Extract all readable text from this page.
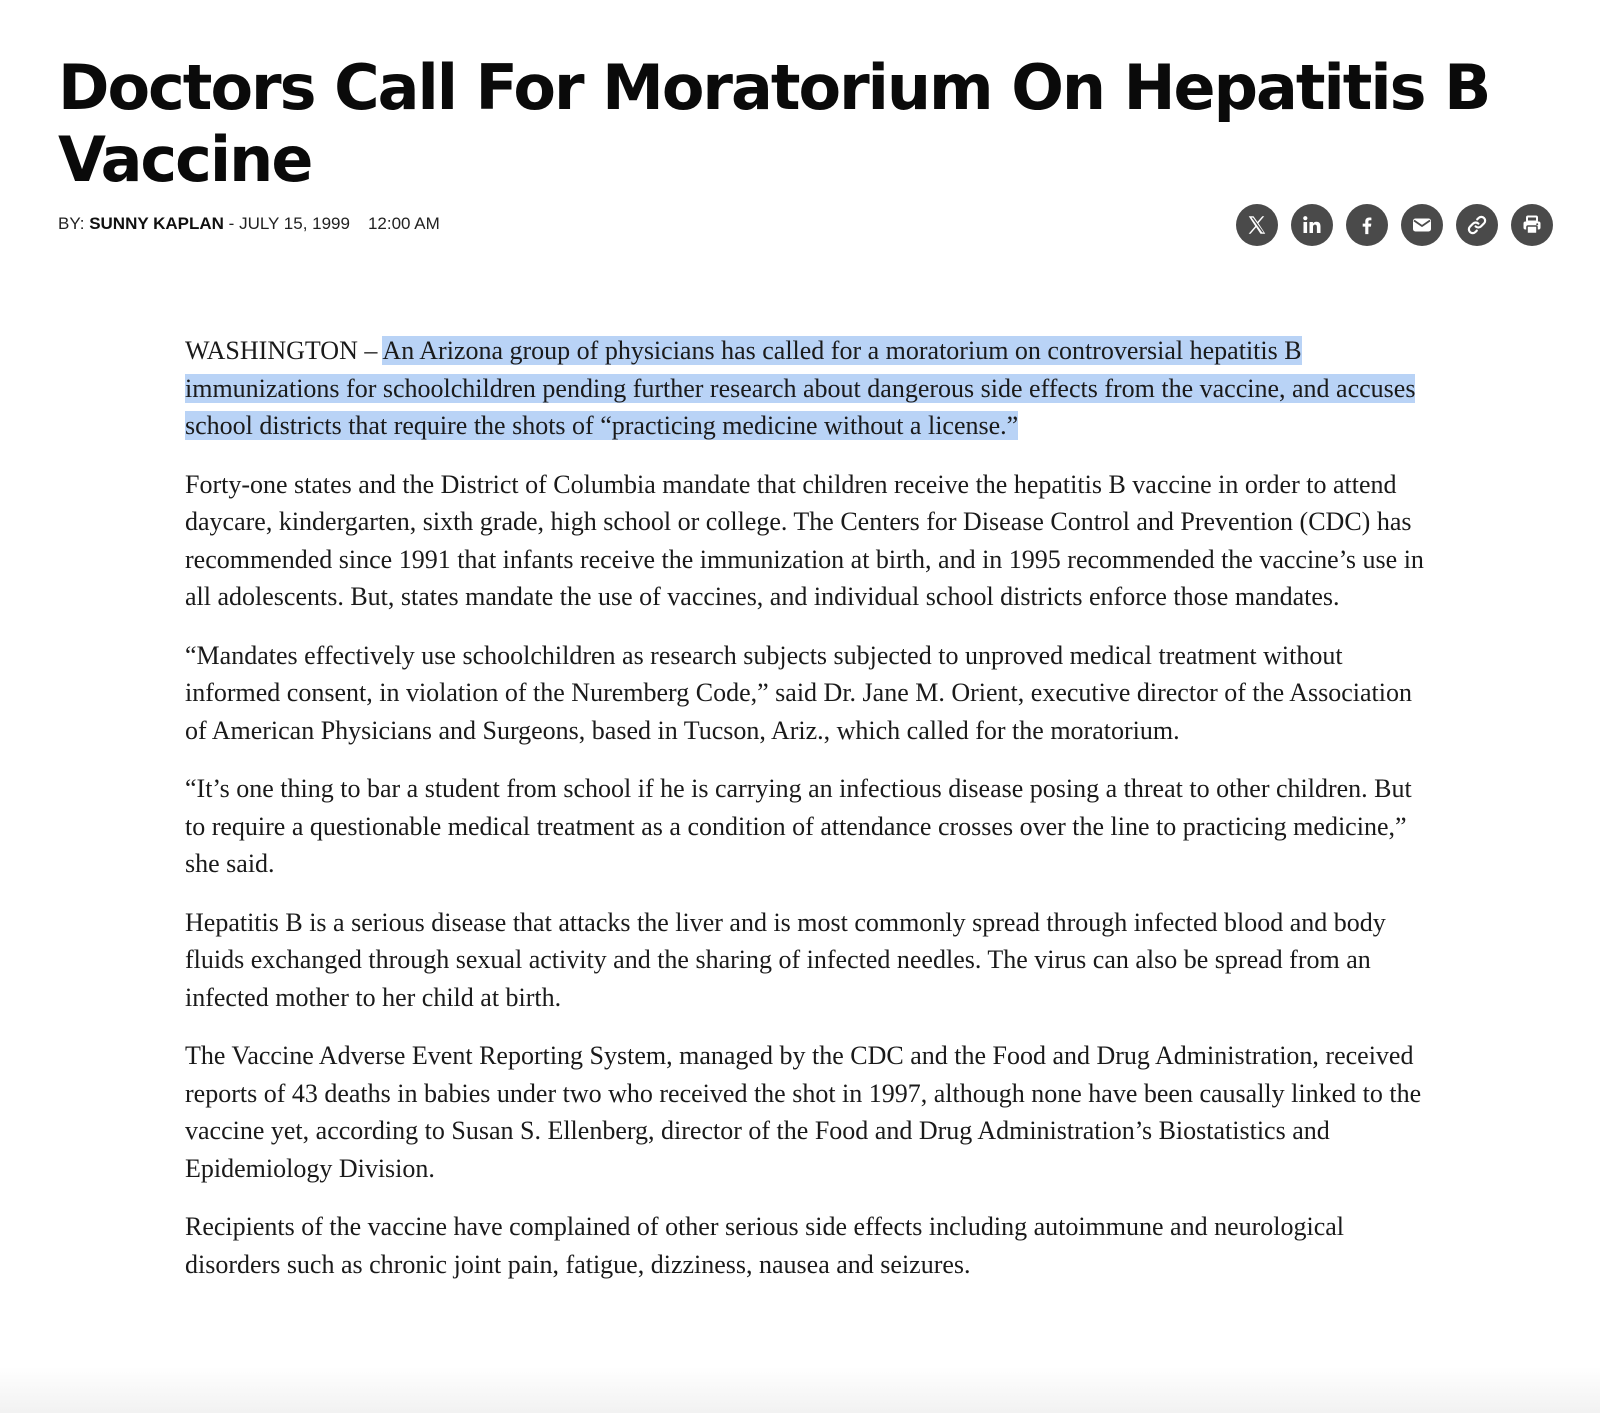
Doctors Call For Moratorium On Hepatitis B Vaccine
BY: SUNNY KAPLAN - JULY 15, 1999 12:00 AM

WASHINGTON – An Arizona group of physicians has called for a moratorium on controversial hepatitis B immunizations for schoolchildren pending further research about dangerous side effects from the vaccine, and accuses school districts that require the shots of “practicing medicine without a license.”

Forty-one states and the District of Columbia mandate that children receive the hepatitis B vaccine in order to attend daycare, kindergarten, sixth grade, high school or college. The Centers for Disease Control and Prevention (CDC) has recommended since 1991 that infants receive the immunization at birth, and in 1995 recommended the vaccine’s use in all adolescents. But, states mandate the use of vaccines, and individual school districts enforce those mandates.

“Mandates effectively use schoolchildren as research subjects subjected to unproved medical treatment without informed consent, in violation of the Nuremberg Code,” said Dr. Jane M. Orient, executive director of the Association of American Physicians and Surgeons, based in Tucson, Ariz., which called for the moratorium.

“It’s one thing to bar a student from school if he is carrying an infectious disease posing a threat to other children. But to require a questionable medical treatment as a condition of attendance crosses over the line to practicing medicine,” she said.

Hepatitis B is a serious disease that attacks the liver and is most commonly spread through infected blood and body fluids exchanged through sexual activity and the sharing of infected needles. The virus can also be spread from an infected mother to her child at birth.

The Vaccine Adverse Event Reporting System, managed by the CDC and the Food and Drug Administration, received reports of 43 deaths in babies under two who received the shot in 1997, although none have been causally linked to the vaccine yet, according to Susan S. Ellenberg, director of the Food and Drug Administration’s Biostatistics and Epidemiology Division.

Recipients of the vaccine have complained of other serious side effects including autoimmune and neurological disorders such as chronic joint pain, fatigue, dizziness, nausea and seizures.
